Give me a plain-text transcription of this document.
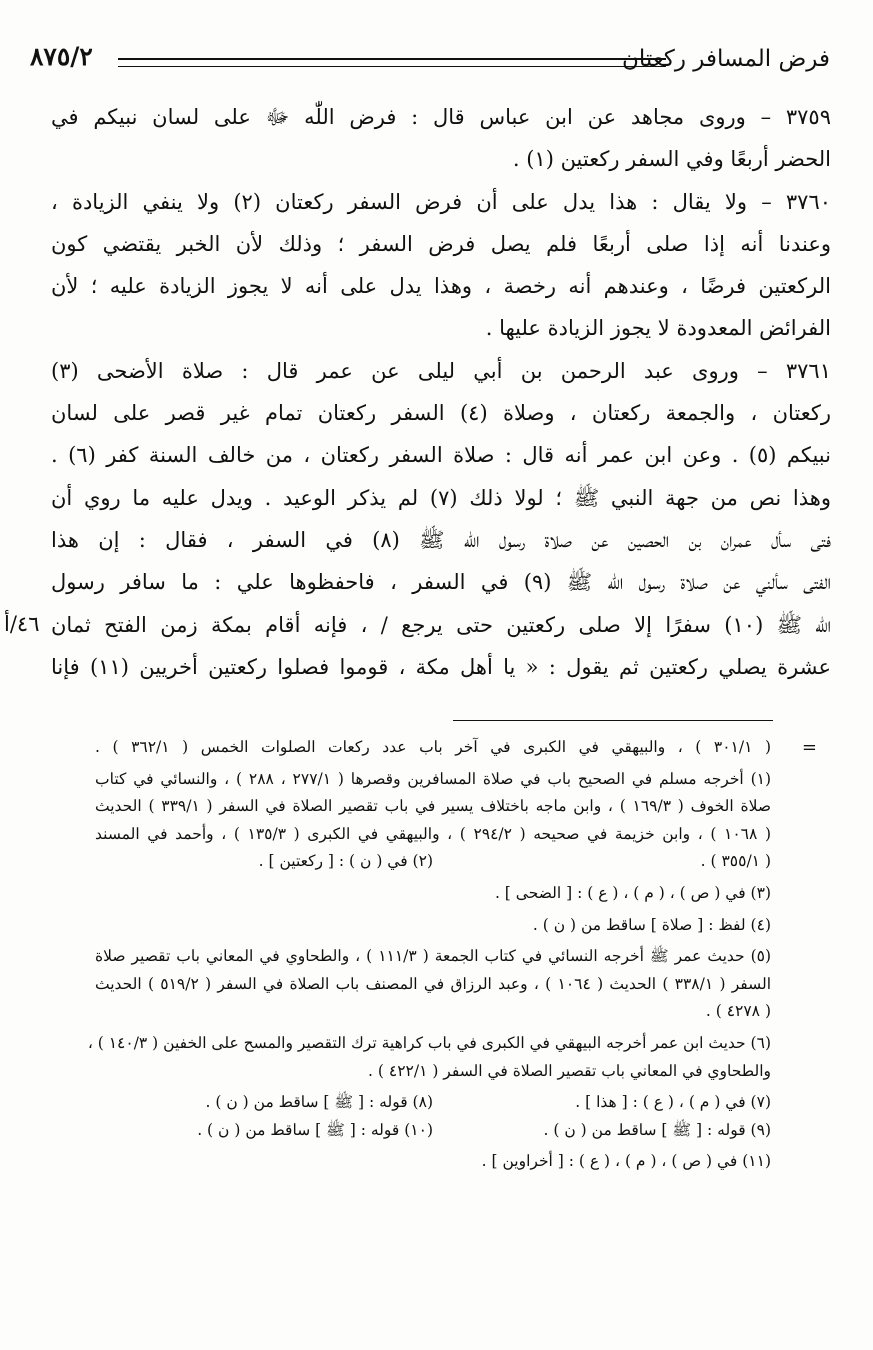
فرض المسافر ركعتان
٨٧٥/٢
٣٧٥٩ – وروى مجاهد عن ابن عباس قال : فرض اللّٰه ﷻ على لسان نبيكم في
الحضر أربعًا وفي السفر ركعتين (١) .
٣٧٦٠ – ولا يقال : هذا يدل على أن فرض السفر ركعتان (٢) ولا ينفي الزيادة ،
وعندنا أنه إذا صلى أربعًا فلم يصل فرض السفر ؛ وذلك لأن الخبر يقتضي كون
الركعتين فرضًا ، وعندهم أنه رخصة ، وهذا يدل على أنه لا يجوز الزيادة عليه ؛ لأن
الفرائض المعدودة لا يجوز الزيادة عليها .
٣٧٦١ – وروى عبد الرحمن بن أبي ليلى عن عمر قال : صلاة الأضحى (٣)
ركعتان ، والجمعة ركعتان ، وصلاة (٤) السفر ركعتان تمام غير قصر على لسان
نبيكم (٥) . وعن ابن عمر أنه قال : صلاة السفر ركعتان ، من خالف السنة كفر (٦) .
وهذا نص من جهة النبي ﷺ ؛ لولا ذلك (٧) لم يذكر الوعيد . ويدل عليه ما روي أن
فتى سأل عمران بن الحصين عن صلاة رسول اللّٰه ﷺ (٨) في السفر ، فقال : إن هذا
الفتى سألني عن صلاة رسول اللّٰه ﷺ (٩) في السفر ، فاحفظوها علي : ما سافر رسول
اللّٰه ﷺ (١٠) سفرًا إلا صلى ركعتين حتى يرجع / ، فإنه أقام بمكة زمن الفتح ثمان
عشرة يصلي ركعتين ثم يقول : « يا أهل مكة ، قوموا فصلوا ركعتين أخريين (١١) فإنا
٤٦/أ
=
( ٣٠١/١ ) ، والبيهقي في الكبرى في آخر باب عدد ركعات الصلوات الخمس ( ٣٦٢/١ ) .
(١) أخرجه مسلم في الصحيح باب في صلاة المسافرين وقصرها ( ٢٧٧/١ ، ٢٨٨ ) ، والنسائي في كتاب
صلاة الخوف ( ١٦٩/٣ ) ، وابن ماجه باختلاف يسير في باب تقصير الصلاة في السفر ( ٣٣٩/١ ) الحديث
( ١٠٦٨ ) ، وابن خزيمة في صحيحه ( ٢٩٤/٢ ) ، والبيهقي في الكبرى ( ١٣٥/٣ ) ، وأحمد في المسند
( ٣٥٥/١ ) .
(٢) في ( ن ) : [ ركعتين ] .
(٣) في ( ص ) ، ( م ) ، ( ع ) : [ الضحى ] .
(٤) لفظ : [ صلاة ] ساقط من ( ن ) .
(٥) حديث عمر ﷺ أخرجه النسائي في كتاب الجمعة ( ١١١/٣ ) ، والطحاوي في المعاني باب تقصير صلاة
السفر ( ٣٣٨/١ ) الحديث ( ١٠٦٤ ) ، وعبد الرزاق في المصنف باب الصلاة في السفر ( ٥١٩/٢ ) الحديث
( ٤٢٧٨ ) .
(٦) حديث ابن عمر أخرجه البيهقي في الكبرى في باب كراهية ترك التقصير والمسح على الخفين ( ١٤٠/٣ ) ،
والطحاوي في المعاني باب تقصير الصلاة في السفر ( ٤٢٢/١ ) .
(٧) في ( م ) ، ( ع ) : [ هذا ] .
(٨) قوله : [ ﷺ ] ساقط من ( ن ) .
(٩) قوله : [ ﷺ ] ساقط من ( ن ) .
(١٠) قوله : [ ﷺ ] ساقط من ( ن ) .
(١١) في ( ص ) ، ( م ) ، ( ع ) : [ أخراوين ] .
